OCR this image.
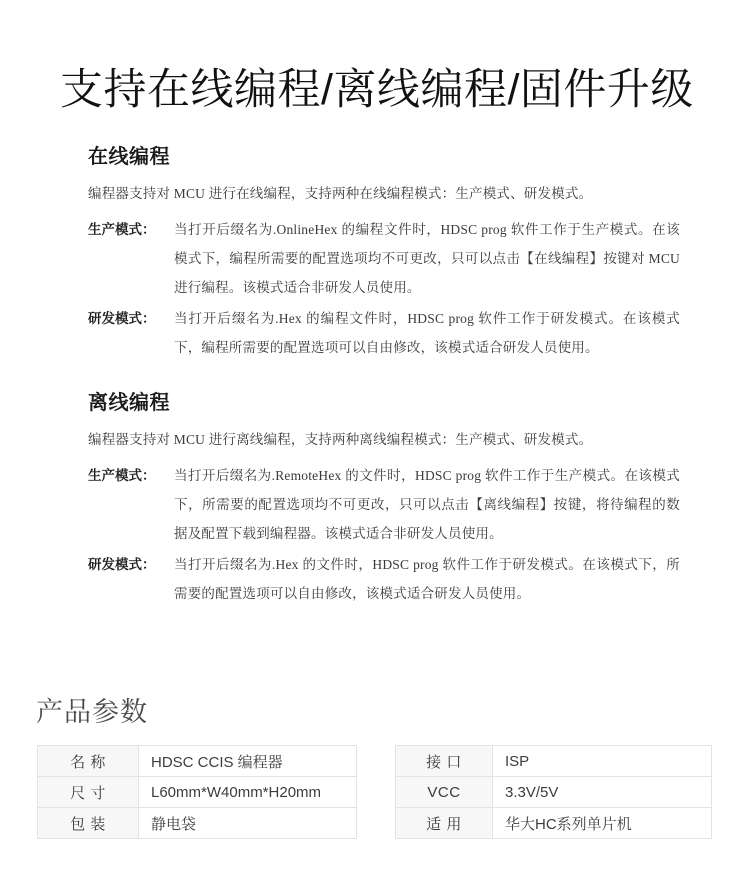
支持在线编程/离线编程/固件升级
在线编程

编程器支持对 MCU 进行在线编程，支持两种在线编程模式：生产模式、研发模式。

生产模式：	当打开后缀名为.OnlineHex 的编程文件时，HDSC prog 软件工作于生产模式。在该模式下，编程所需要的配置选项均不可更改，只可以点击【在线编程】按键对 MCU 进行编程。该模式适合非研发人员使用。
研发模式：	当打开后缀名为.Hex 的编程文件时，HDSC prog 软件工作于研发模式。在该模式下，编程所需要的配置选项可以自由修改，该模式适合研发人员使用。
离线编程

编程器支持对 MCU 进行离线编程，支持两种离线编程模式：生产模式、研发模式。

生产模式：	当打开后缀名为.RemoteHex 的文件时，HDSC prog 软件工作于生产模式。在该模式下，所需要的配置选项均不可更改，只可以点击【离线编程】按键，将待编程的数据及配置下载到编程器。该模式适合非研发人员使用。
研发模式：	当打开后缀名为.Hex 的文件时，HDSC prog 软件工作于研发模式。在该模式下，所需要的配置选项可以自由修改，该模式适合研发人员使用。
产品参数
名 称	HDSC CCIS 编程器
尺 寸	L60mm*W40mm*H20mm
包 装	静电袋
接 口	ISP
VCC	3.3V/5V
适 用	华大HC系列单片机
